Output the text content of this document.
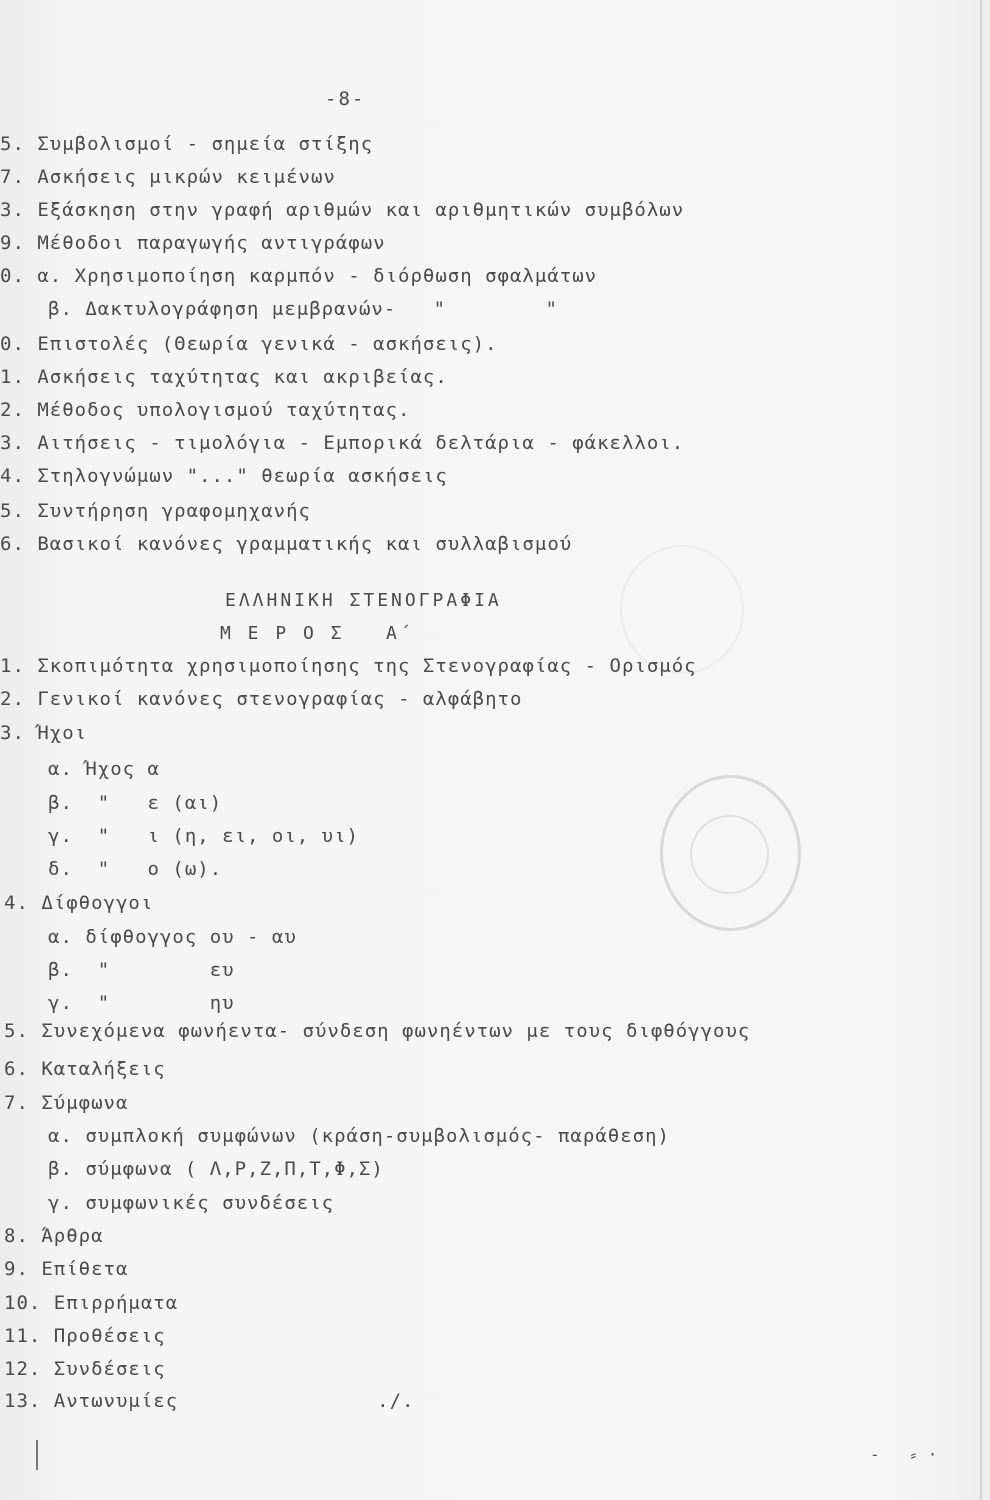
-8-
5. Συμβολισμοί - σημεία στίξης
7. Ασκήσεις μικρών κειμένων
3. Εξάσκηση στην γραφή αριθμών και αριθμητικών συμβόλων
9. Μέθοδοι παραγωγής αντιγράφων
0. α. Χρησιμοποίηση καρμπόν - διόρθωση σφαλμάτων
β. Δακτυλογράφηση μεμβρανών-   "        "
0. Επιστολές (Θεωρία γενικά - ασκήσεις).
1. Ασκήσεις ταχύτητας και ακριβείας.
2. Μέθοδος υπολογισμού ταχύτητας.
3. Αιτήσεις - τιμολόγια - Εμπορικά δελτάρια - φάκελλοι.
4. Στηλογνώμων "..." θεωρία ασκήσεις
5. Συντήρηση γραφομηχανής
6. Βασικοί κανόνες γραμματικής και συλλαβισμού
ΕΛΛΗΝΙΚΗ ΣΤΕΝΟΓΡΑΦΙΑ
Μ Ε Ρ Ο Σ   Α΄
1. Σκοπιμότητα χρησιμοποίησης της Στενογραφίας - Ορισμός
2. Γενικοί κανόνες στενογραφίας - αλφάβητο
3. Ήχοι
α. Ήχος α
β.  "   ε (αι)
γ.  "   ι (η, ει, οι, υι)
δ.  "   ο (ω).
4. Δίφθογγοι
α. δίφθογγος ου - αυ
β.  "        ευ
γ.  "        ηυ
5. Συνεχόμενα φωνήεντα- σύνδεση φωνηέντων με τους διφθόγγους
6. Καταλήξεις
7. Σύμφωνα
α. συμπλοκή συμφώνων (κράση-συμβολισμός- παράθεση)
β. σύμφωνα ( Λ,Ρ,Ζ,Π,Τ,Φ,Σ)
γ. συμφωνικές συνδέσεις
8. Άρθρα
9. Επίθετα
10. Επιρρήματα
11. Προθέσεις
12. Συνδέσεις
13. Αντωνυμίες                ./.
-   ⸗ ·
